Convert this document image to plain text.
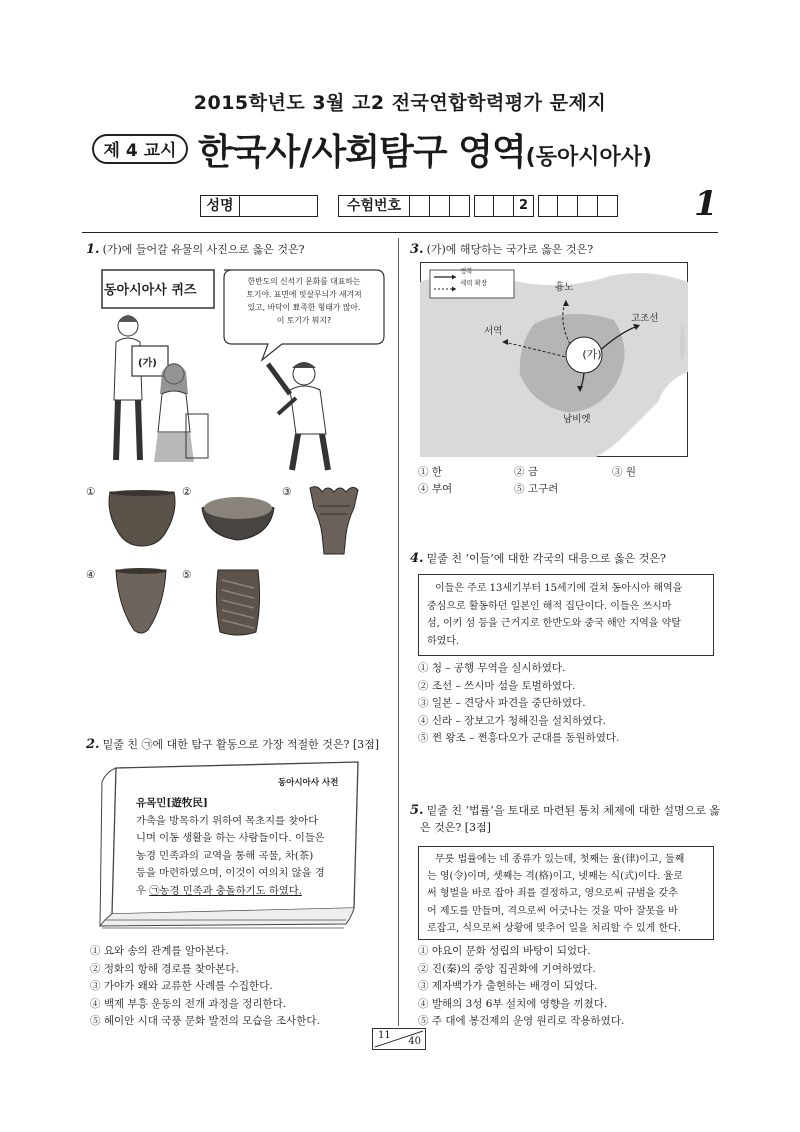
2015학년도 3월 고2 전국연합학력평가 문제지
제 4 교시 한국사/사회탐구 영역(동아시아사)
성명	수험번호	2	1
1. (가)에 들어갈 유물의 사진으로 옳은 것은?
동아시아사 퀴즈
(가)
한반도의 신석기 문화를 대표하는
토기야. 표면에 빗살무늬가 새겨져
있고, 바닥이 뾰족한 형태가 많아.
이 토기가 뭐지?
①	②	③
④	⑤
2. 밑줄 친 ㉠에 대한 탐구 활동으로 가장 적절한 것은? [3점]
동아시아사 사전
유목민[遊牧民]
가축을 방목하기 위하여 목초지를 찾아다
니며 이동 생활을 하는 사람들이다. 이들은
농경 민족과의 교역을 통해 곡물, 차(茶)
등을 마련하였으며, 이것이 여의치 않을 경
우 ㉠농경 민족과 충돌하기도 하였다.
① 요와 송의 관계를 알아본다.
② 정화의 항해 경로를 찾아본다.
③ 가야가 왜와 교류한 사례를 수집한다.
④ 백제 부흥 운동의 전개 과정을 정리한다.
⑤ 헤이안 시대 국풍 문화 발전의 모습을 조사한다.
3. (가)에 해당하는 국가로 옳은 것은?
정복
세력 확장	흉노
고조선
서역
(가)
남비엣
① 한	② 금	③ 원
④ 부여	⑤ 고구려
4. 밑줄 친 ‘이들’에 대한 각국의 대응으로 옳은 것은?
이들은 주로 13세기부터 15세기에 걸쳐 동아시아 해역을
중심으로 활동하던 일본인 해적 집단이다. 이들은 쓰시마
섬, 이키 섬 등을 근거지로 한반도와 중국 해안 지역을 약탈
하였다.
① 청 – 공행 무역을 실시하였다.
② 조선 – 쓰시마 섬을 토벌하였다.
③ 일본 – 견당사 파견을 중단하였다.
④ 신라 – 장보고가 청해진을 설치하였다.
⑤ 쩐 왕조 – 쩐흥다오가 군대를 동원하였다.
5. 밑줄 친 ‘법률’을 토대로 마련된 통치 체제에 대한 설명으로 옳
은 것은? [3점]
무릇 법률에는 네 종류가 있는데, 첫째는 율(律)이고, 둘째
는 영(令)이며, 셋째는 격(格)이고, 넷째는 식(式)이다. 율로
써 형벌을 바로 잡아 죄를 결정하고, 영으로써 규범을 갖추
어 제도를 만들며, 격으로써 어긋나는 것을 막아 잘못을 바
로잡고, 식으로써 상황에 맞추어 일을 처리할 수 있게 한다.
① 야요이 문화 성립의 바탕이 되었다.
② 진(秦)의 중앙 집권화에 기여하였다.
③ 제자백가가 출현하는 배경이 되었다.
④ 발해의 3성 6부 설치에 영향을 끼쳤다.
⑤ 주 대에 봉건제의 운영 원리로 작용하였다.
11
40
